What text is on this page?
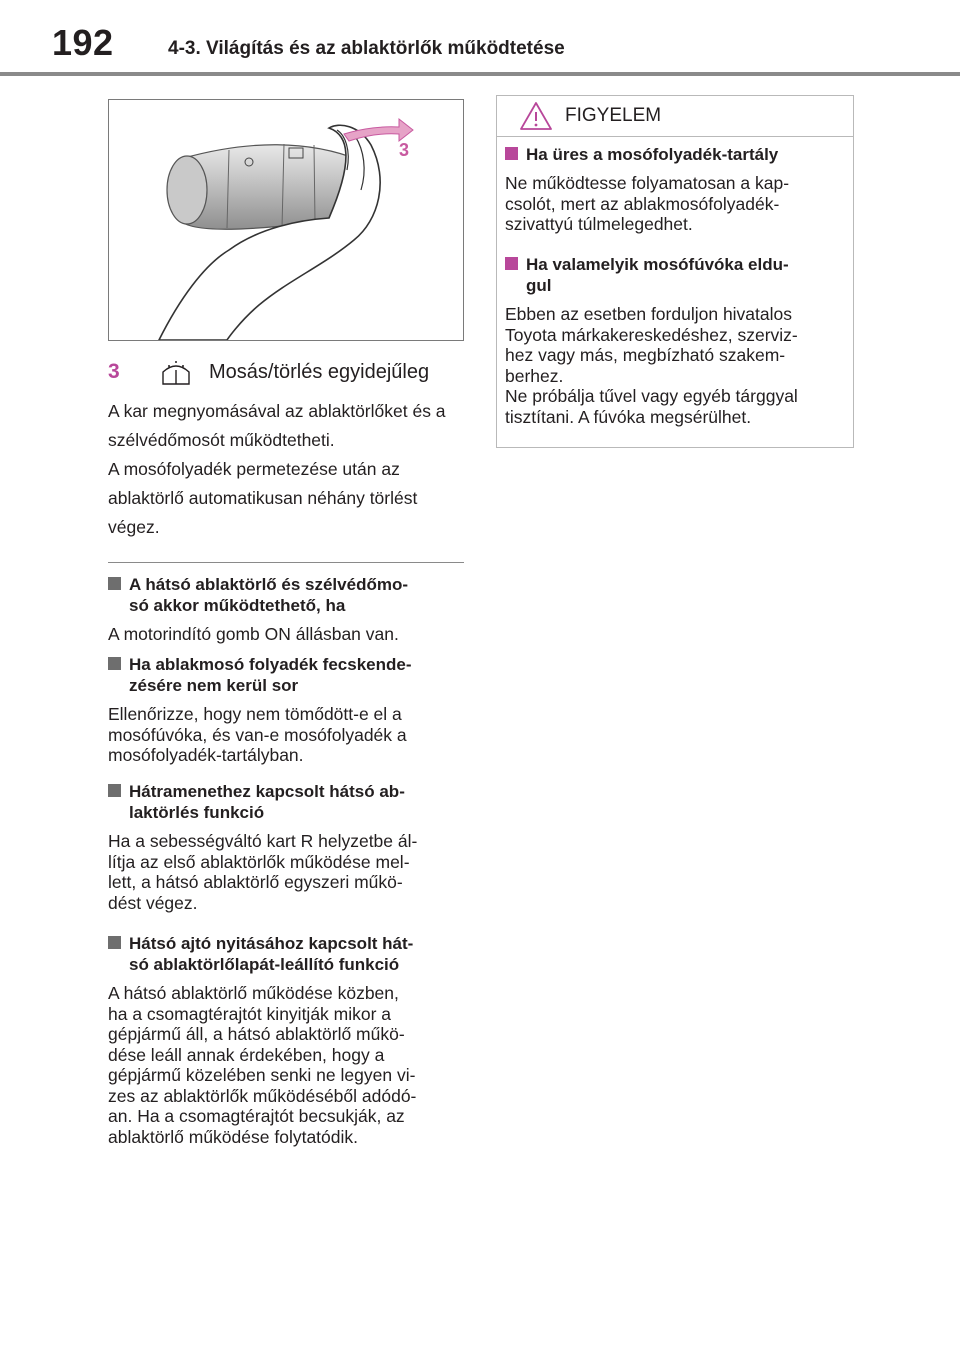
192	4-3. Világítás és az ablaktörlők működtetése
3
3	Mosás/törlés egyidejűleg

A kar megnyomásával az ablaktörlőket és a szélvédőmosót működtetheti.

A mosófolyadék permetezése után az ablaktörlő automatikusan néhány törlést végez.

A hátsó ablaktörlő és szélvédőmo-
só akkor működtethető, ha

A motorindító gomb ON állásban van.

Ha ablakmosó folyadék fecskende-
zésére nem kerül sor

Ellenőrizze, hogy nem tömődött-e el a

mosófúvóka, és van-e mosófolyadék a

mosófolyadék-tartályban.

Hátramenethez kapcsolt hátsó ab-
laktörlés funkció

Ha a sebességváltó kart R helyzetbe ál-

lítja az első ablaktörlők működése mel-

lett, a hátsó ablaktörlő egyszeri műkö-

dést végez.

Hátsó ajtó nyitásához kapcsolt hát-
só ablaktörlőlapát-leállító funkció

A hátsó ablaktörlő működése közben,

ha a csomagtérajtót kinyitják mikor a

gépjármű áll, a hátsó ablaktörlő műkö-

dése leáll annak érdekében, hogy a

gépjármű közelében senki ne legyen vi-

zes az ablaktörlők működéséből adódó-

an. Ha a csomagtérajtót becsukják, az

ablaktörlő működése folytatódik.

FIGYELEM
Ha üres a mosófolyadék-tartály

Ne működtesse folyamatosan a kap-

csolót, mert az ablakmosófolyadék-

szivattyú túlmelegedhet.

Ha valamelyik mosófúvóka eldu-
gul

Ebben az esetben forduljon hivatalos

Toyota márkakereskedéshez, szerviz-

hez vagy más, megbízható szakem-

berhez.

Ne próbálja tűvel vagy egyéb tárggyal

tisztítani. A fúvóka megsérülhet.
